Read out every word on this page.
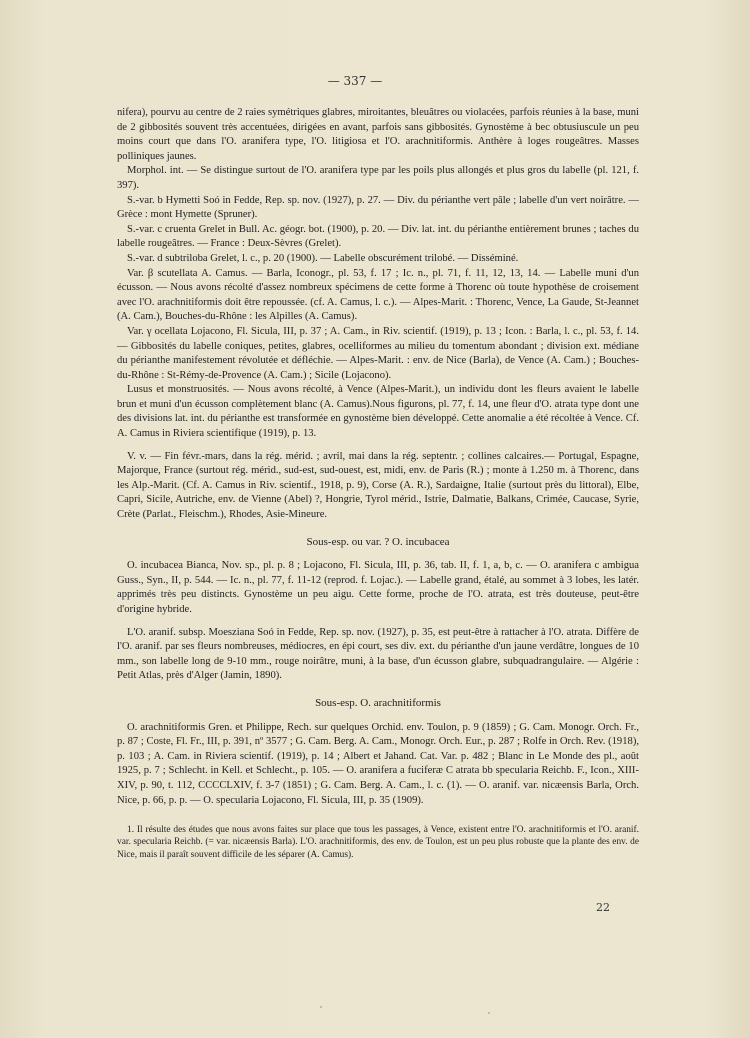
— 337 —

nifera), pourvu au centre de 2 raies symétriques glabres, miroitantes, bleuâtres ou violacées, parfois réunies à la base, muni de 2 gibbosités souvent très accentuées, dirigées en avant, parfois sans gibbosités. Gynostème à bec obtusiuscule un peu moins court que dans l'O. aranifera type, l'O. litigiosa et l'O. arachnitiformis. Anthère à loges rougeâtres. Masses polliniques jaunes.

Morphol. int. — Se distingue surtout de l'O. aranifera type par les poils plus allongés et plus gros du labelle (pl. 121, f. 397).

S.-var. b Hymetti Soó in Fedde, Rep. sp. nov. (1927), p. 27. — Div. du périanthe vert pâle ; labelle d'un vert noirâtre. — Grèce : mont Hymette (Spruner).

S.-var. c cruenta Grelet in Bull. Ac. géogr. bot. (1900), p. 20. — Div. lat. int. du périanthe entièrement brunes ; taches du labelle rougeâtres. — France : Deux-Sèvres (Grelet).

S.-var. d subtriloba Grelet, l. c., p. 20 (1900). — Labelle obscurément trilobé. — Disséminé.

Var. β scutellata A. Camus. — Barla, Iconogr., pl. 53, f. 17 ; Ic. n., pl. 71, f. 11, 12, 13, 14. — Labelle muni d'un écusson. — Nous avons récolté d'assez nombreux spécimens de cette forme à Thorenc où toute hypothèse de croisement avec l'O. arachnitiformis doit être repoussée. (cf. A. Camus, l. c.). — Alpes-Marit. : Thorenc, Vence, La Gaude, St-Jeannet (A. Cam.), Bouches-du-Rhône : les Alpilles (A. Camus).

Var. γ ocellata Lojacono, Fl. Sicula, III, p. 37 ; A. Cam., in Riv. scientif. (1919), p. 13 ; Icon. : Barla, l. c., pl. 53, f. 14. — Gibbosités du labelle coniques, petites, glabres, ocelliformes au milieu du tomentum abondant ; division ext. médiane du périanthe manifestement révolutée et défléchie. — Alpes-Marit. : env. de Nice (Barla), de Vence (A. Cam.) ; Bouches-du-Rhône : St-Rémy-de-Provence (A. Cam.) ; Sicile (Lojacono).

Lusus et monstruosités. — Nous avons récolté, à Vence (Alpes-Marit.), un individu dont les fleurs avaient le labelle brun et muni d'un écusson complètement blanc (A. Camus).Nous figurons, pl. 77, f. 14, une fleur d'O. atrata type dont une des divisions lat. int. du périanthe est transformée en gynostème bien développé. Cette anomalie a été récoltée à Vence. Cf. A. Camus in Riviera scientifique (1919), p. 13.

V. v. — Fin févr.-mars, dans la rég. mérid. ; avril, mai dans la rég. septentr. ; collines calcaires.— Portugal, Espagne, Majorque, France (surtout rég. mérid., sud-est, sud-ouest, est, midi, env. de Paris (R.) ; monte à 1.250 m. à Thorenc, dans les Alp.-Marit. (Cf. A. Camus in Riv. scientif., 1918, p. 9), Corse (A. R.), Sardaigne, Italie (surtout près du littoral), Elbe, Capri, Sicile, Autriche, env. de Vienne (Abel) ?, Hongrie, Tyrol mérid., Istrie, Dalmatie, Balkans, Crimée, Caucase, Syrie, Crète (Parlat., Fleischm.), Rhodes, Asie-Mineure.

Sous-esp. ou var. ? O. incubacea

O. incubacea Bianca, Nov. sp., pl. p. 8 ; Lojacono, Fl. Sicula, III, p. 36, tab. II, f. 1, a, b, c. — O. aranifera c ambigua Guss., Syn., II, p. 544. — Ic. n., pl. 77, f. 11-12 (reprod. f. Lojac.). — Labelle grand, étalé, au sommet à 3 lobes, les latér. apprimés très peu distincts. Gynostème un peu aigu. Cette forme, proche de l'O. atrata, est très douteuse, peut-être d'origine hybride.

L'O. aranif. subsp. Moesziana Soó in Fedde, Rep. sp. nov. (1927), p. 35, est peut-être à rattacher à l'O. atrata. Diffère de l'O. aranif. par ses fleurs nombreuses, médiocres, en épi court, ses div. ext. du périanthe d'un jaune verdâtre, longues de 10 mm., son labelle long de 9-10 mm., rouge noirâtre, muni, à la base, d'un écusson glabre, subquadrangulaire. — Algérie : Petit Atlas, près d'Alger (Jamin, 1890).

Sous-esp. O. arachnitiformis

O. arachnitiformis Gren. et Philippe, Rech. sur quelques Orchid. env. Toulon, p. 9 (1859) ; G. Cam. Monogr. Orch. Fr., p. 87 ; Coste, Fl. Fr., III, p. 391, nº 3577 ; G. Cam. Berg. A. Cam., Monogr. Orch. Eur., p. 287 ; Rolfe in Orch. Rev. (1918), p. 103 ; A. Cam. in Riviera scientif. (1919), p. 14 ; Albert et Jahand. Cat. Var. p. 482 ; Blanc in Le Monde des pl., août 1925, p. 7 ; Schlecht. in Kell. et Schlecht., p. 105. — O. aranifera a fuciferæ C atrata bb specularia Reichb. F., Icon., XIII-XIV, p. 90, t. 112, CCCCLXIV, f. 3-7 (1851) ; G. Cam. Berg. A. Cam., l. c. (1). — O. aranif. var. nicæensis Barla, Orch. Nice, p. 66, p. p. — O. specularia Lojacono, Fl. Sicula, III, p. 35 (1909).

1. Il résulte des études que nous avons faites sur place que tous les passages, à Vence, existent entre l'O. arachnitiformis et l'O. aranif. var. specularia Reichb. (= var. nicæensis Barla). L'O. arachnitiformis, des env. de Toulon, est un peu plus robuste que la plante des env. de Nice, mais il paraît souvent difficile de les séparer (A. Camus).

22
